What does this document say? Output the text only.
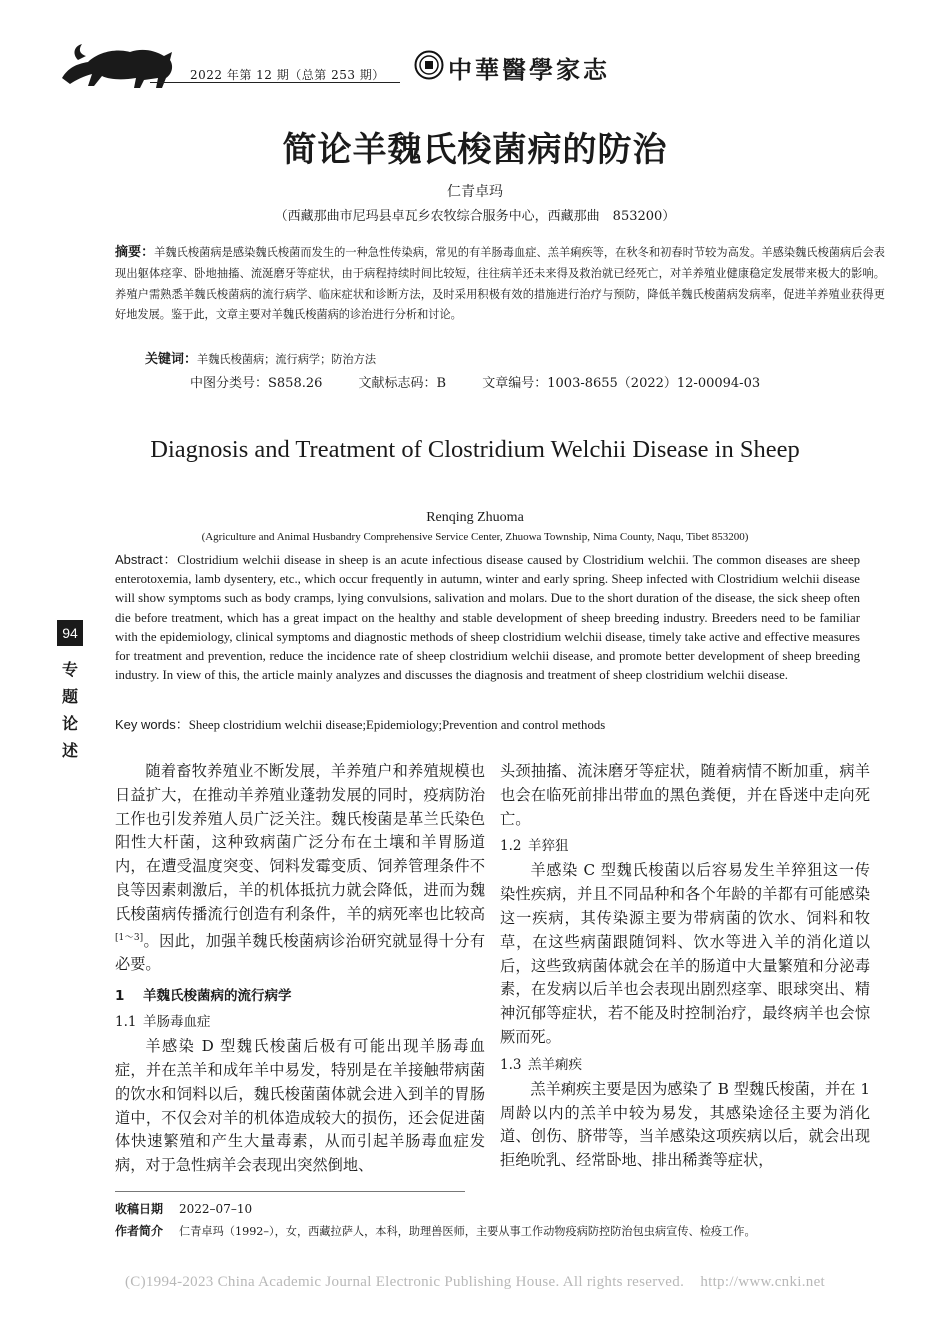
2022 年第 12 期（总第 253 期）	中華醫學家志
简论羊魏氏梭菌病的防治
仁青卓玛
（西藏那曲市尼玛县卓瓦乡农牧综合服务中心，西藏那曲　853200）
摘要：羊魏氏梭菌病是感染魏氏梭菌而发生的一种急性传染病，常见的有羊肠毒血症、羔羊痢疾等，在秋冬和初春时节较为高发。羊感染魏氏梭菌病后会表现出躯体痉挛、卧地抽搐、流涎磨牙等症状，由于病程持续时间比较短，往往病羊还未来得及救治就已经死亡，对羊养殖业健康稳定发展带来极大的影响。养殖户需熟悉羊魏氏梭菌病的流行病学、临床症状和诊断方法，及时采用积极有效的措施进行治疗与预防，降低羊魏氏梭菌病发病率，促进羊养殖业获得更好地发展。鉴于此，文章主要对羊魏氏梭菌病的诊治进行分析和讨论。
关键词：羊魏氏梭菌病；流行病学；防治方法
中图分类号：S858.26	文献标志码：B	文章编号：1003-8655（2022）12-00094-03
Diagnosis and Treatment of Clostridium Welchii Disease in Sheep
Renqing Zhuoma
(Agriculture and Animal Husbandry Comprehensive Service Center, Zhuowa Township, Nima County, Naqu, Tibet 853200)
Abstract：Clostridium welchii disease in sheep is an acute infectious disease caused by Clostridium welchii. The common diseases are sheep enterotoxemia, lamb dysentery, etc., which occur frequently in autumn, winter and early spring. Sheep infected with Clostridium welchii disease will show symptoms such as body cramps, lying convulsions, salivation and molars. Due to the short duration of the disease, the sick sheep often die before treatment, which has a great impact on the healthy and stable development of sheep breeding industry. Breeders need to be familiar with the epidemiology, clinical symptoms and diagnostic methods of sheep clostridium welchii disease, timely take active and effective measures for treatment and prevention, reduce the incidence rate of sheep clostridium welchii disease, and promote better development of sheep breeding industry. In view of this, the article mainly analyzes and discusses the diagnosis and treatment of sheep clostridium welchii disease.
Key words：Sheep clostridium welchii disease;Epidemiology;Prevention and control methods
94
专
题
论
述

随着畜牧养殖业不断发展，羊养殖户和养殖规模也日益扩大，在推动羊养殖业蓬勃发展的同时，疫病防治工作也引发养殖人员广泛关注。魏氏梭菌是革兰氏染色阳性大杆菌，这种致病菌广泛分布在土壤和羊胃肠道内，在遭受温度突变、饲料发霉变质、饲养管理条件不良等因素刺激后，羊的机体抵抗力就会降低，进而为魏氏梭菌病传播流行创造有利条件，羊的病死率也比较高[1～3]。因此，加强羊魏氏梭菌病诊治研究就显得十分有必要。

1 羊魏氏梭菌病的流行病学
1.1 羊肠毒血症

羊感染 D 型魏氏梭菌后极有可能出现羊肠毒血症，并在羔羊和成年羊中易发，特别是在羊接触带病菌的饮水和饲料以后，魏氏梭菌菌体就会进入到羊的胃肠道中，不仅会对羊的机体造成较大的损伤，还会促进菌体快速繁殖和产生大量毒素，从而引起羊肠毒血症发病，对于急性病羊会表现出突然倒地、

头颈抽搐、流沫磨牙等症状，随着病情不断加重，病羊也会在临死前排出带血的黑色粪便，并在昏迷中走向死亡。

1.2 羊猝狙

羊感染 C 型魏氏梭菌以后容易发生羊猝狙这一传染性疾病，并且不同品种和各个年龄的羊都有可能感染这一疾病，其传染源主要为带病菌的饮水、饲料和牧草，在这些病菌跟随饲料、饮水等进入羊的消化道以后，这些致病菌体就会在羊的肠道中大量繁殖和分泌毒素，在发病以后羊也会表现出剧烈痉挛、眼球突出、精神沉郁等症状，若不能及时控制治疗，最终病羊也会惊厥而死。

1.3 羔羊痢疾

羔羊痢疾主要是因为感染了 B 型魏氏梭菌，并在 1 周龄以内的羔羊中较为易发，其感染途径主要为消化道、创伤、脐带等，当羊感染这项疾病以后，就会出现拒绝吮乳、经常卧地、排出稀粪等症状，

收稿日期 2022–07–10
作者简介 仁青卓玛（1992–），女，西藏拉萨人，本科，助理兽医师，主要从事工作动物疫病防控防治包虫病宣传、检疫工作。
(C)1994-2023 China Academic Journal Electronic Publishing House. All rights reserved.    http://www.cnki.net
